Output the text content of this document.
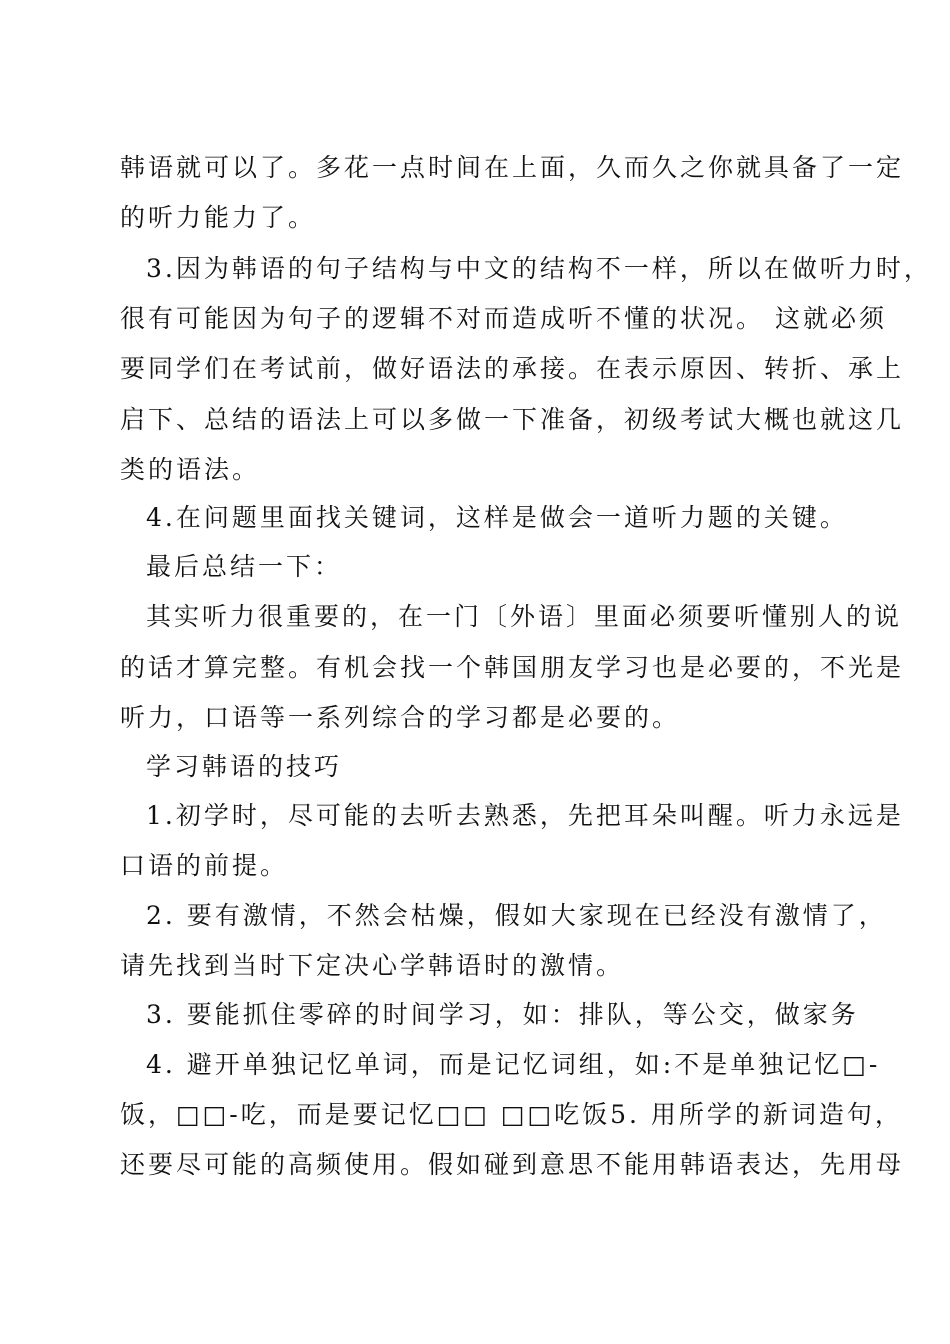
韩语就可以了。多花一点时间在上面，久而久之你就具备了一定
的听力能力了。
3.因为韩语的句子结构与中文的结构不一样，所以在做听力时，
很有可能因为句子的逻辑不对而造成听不懂的状况。 这就必须
要同学们在考试前，做好语法的承接。在表示原因、转折、承上
启下、总结的语法上可以多做一下准备，初级考试大概也就这几
类的语法。
4.在问题里面找关键词，这样是做会一道听力题的关键。
最后总结一下：
其实听力很重要的，在一门〔外语〕里面必须要听懂别人的说
的话才算完整。有机会找一个韩国朋友学习也是必要的，不光是
听力，口语等一系列综合的学习都是必要的。
学习韩语的技巧
1.初学时，尽可能的去听去熟悉，先把耳朵叫醒。听力永远是
口语的前提。
2. 要有激情，不然会枯燥，假如大家现在已经没有激情了，
请先找到当时下定决心学韩语时的激情。
3. 要能抓住零碎的时间学习，如：排队，等公交，做家务
4. 避开单独记忆单词，而是记忆词组，如:不是单独记忆□-
饭，□□-吃，而是要记忆□□ □□吃饭5. 用所学的新词造句，
还要尽可能的高频使用。假如碰到意思不能用韩语表达，先用母
